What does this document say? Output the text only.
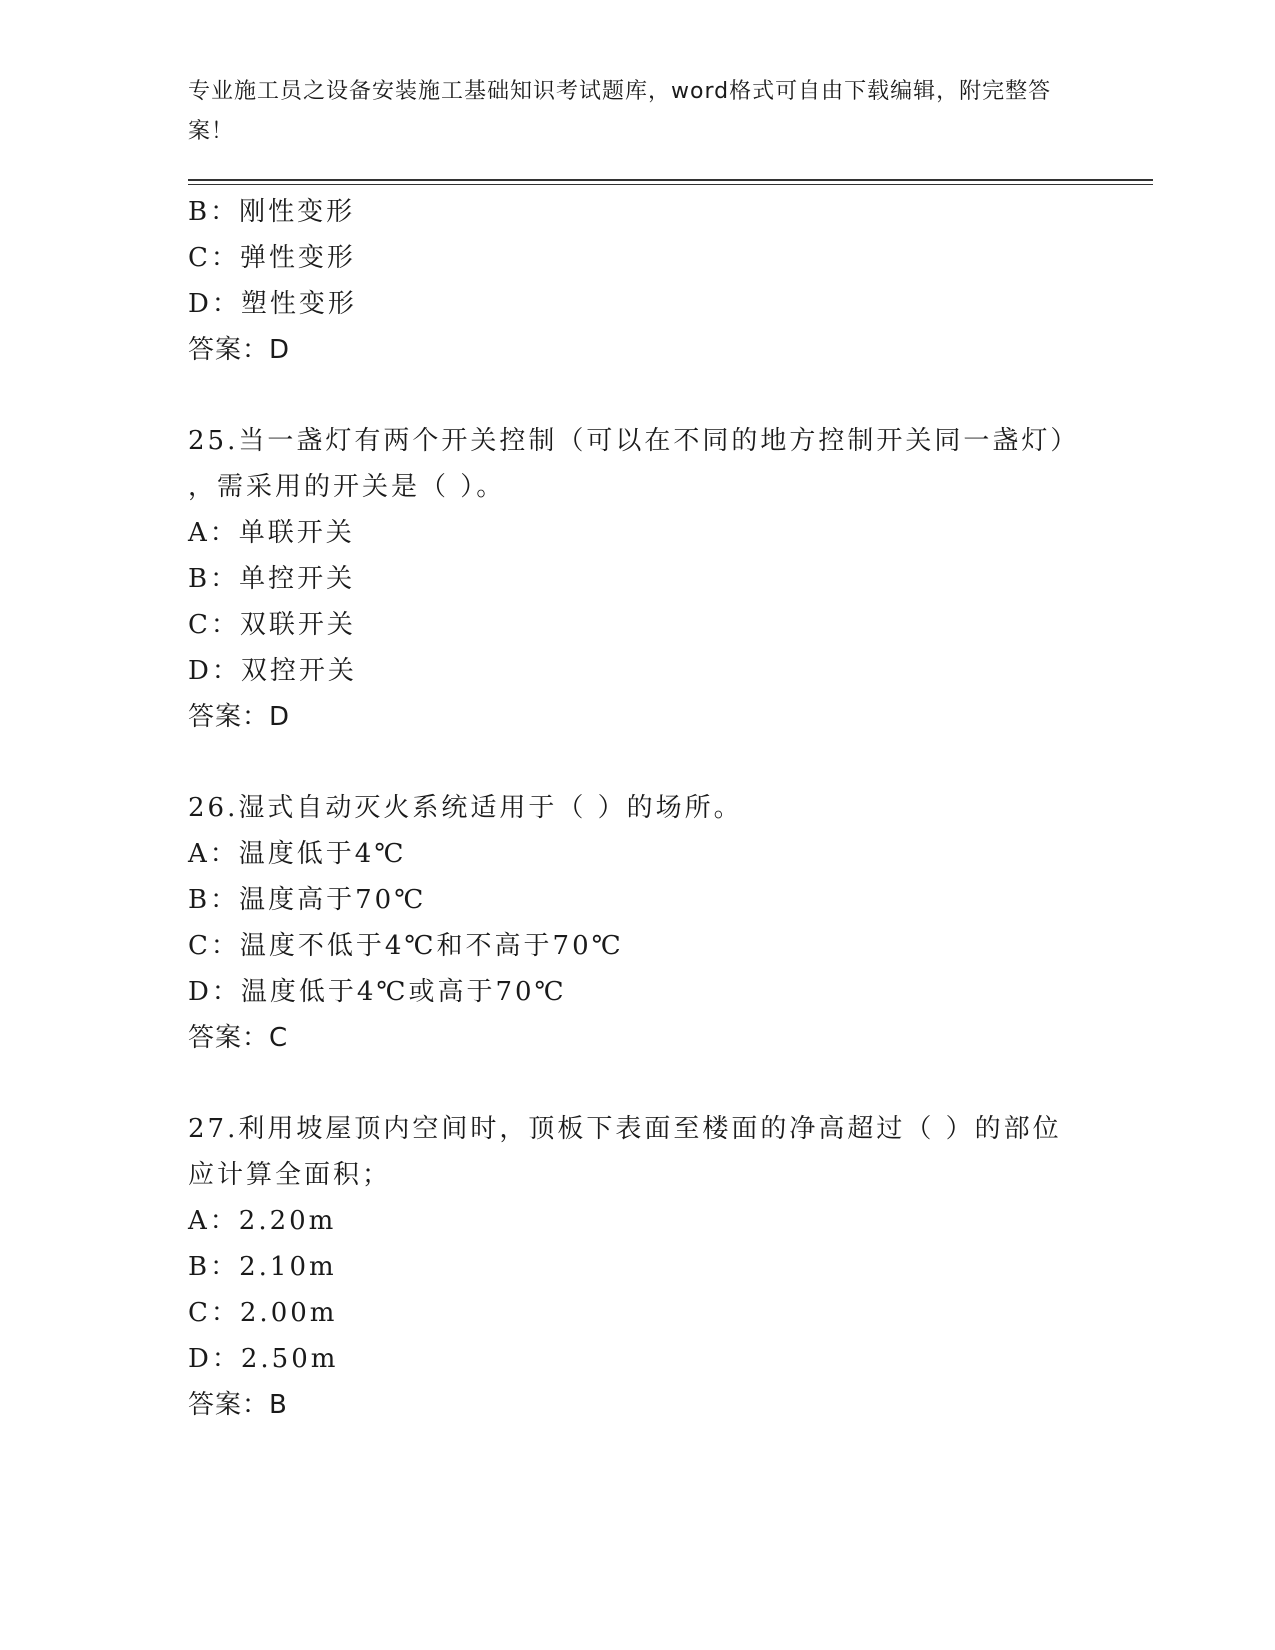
专业施工员之设备安装施工基础知识考试题库，word格式可自由下载编辑，附完整答案！
B：刚性变形
C：弹性变形
D：塑性变形
答案：D
25.当一盏灯有两个开关控制（可以在不同的地方控制开关同一盏灯）
，需采用的开关是（ ）。
A：单联开关
B：单控开关
C：双联开关
D：双控开关
答案：D
26.湿式自动灭火系统适用于（ ）的场所。
A：温度低于4℃
B：温度高于70℃
C：温度不低于4℃和不高于70℃
D：温度低于4℃或高于70℃
答案：C
27.利用坡屋顶内空间时，顶板下表面至楼面的净高超过（ ）的部位
应计算全面积；
A：2.20m
B：2.10m
C：2.00m
D：2.50m
答案：B
